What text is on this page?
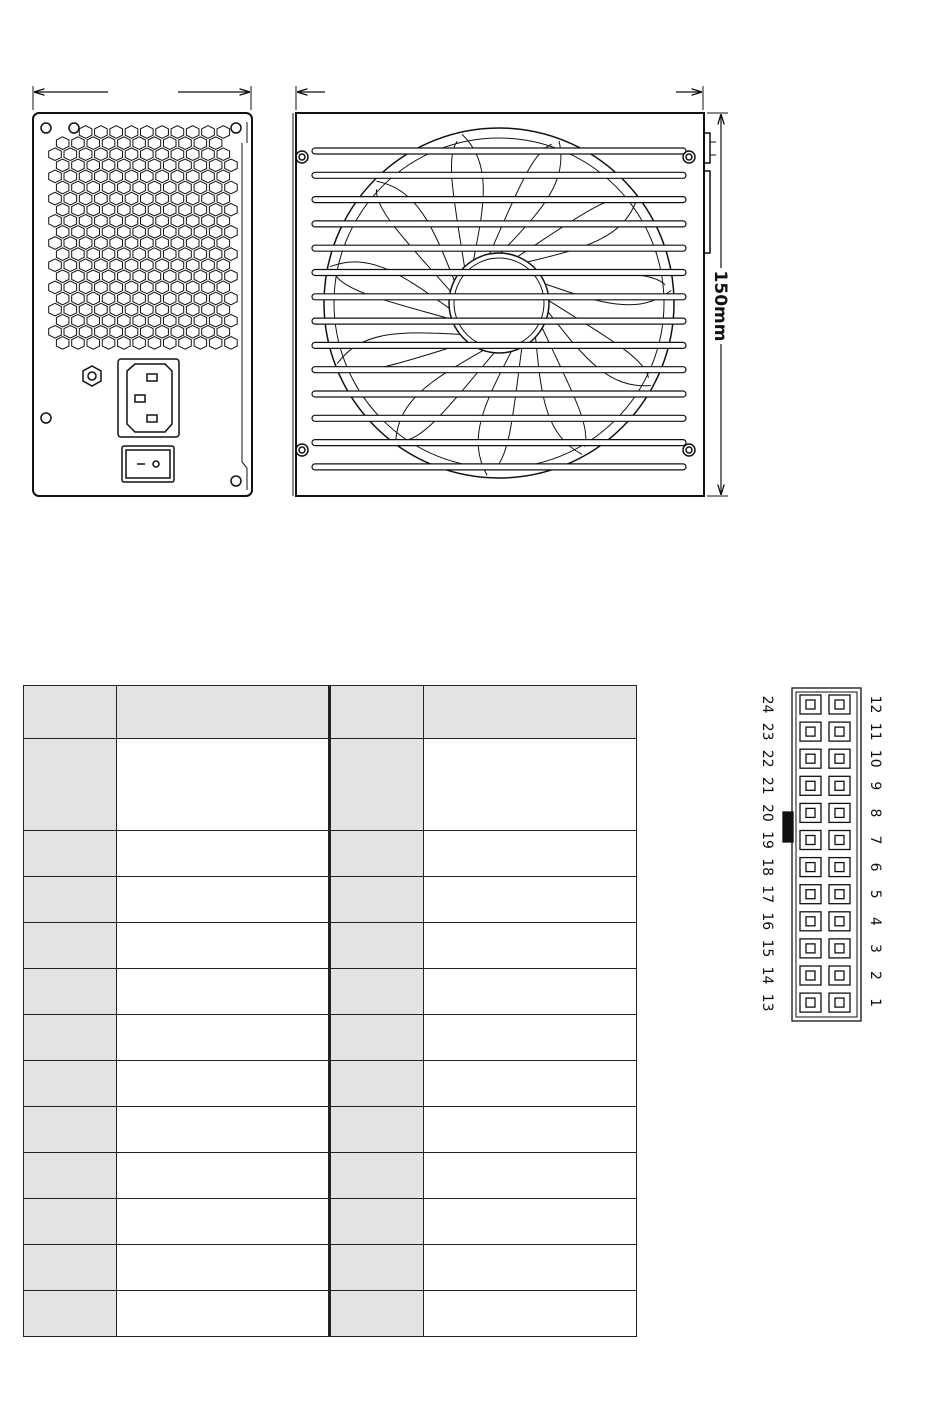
150mm
24	12
23	11
22	10
21	9
20	8
19	7
18	6
17	5
16	4
15	3
14	2
13	1
